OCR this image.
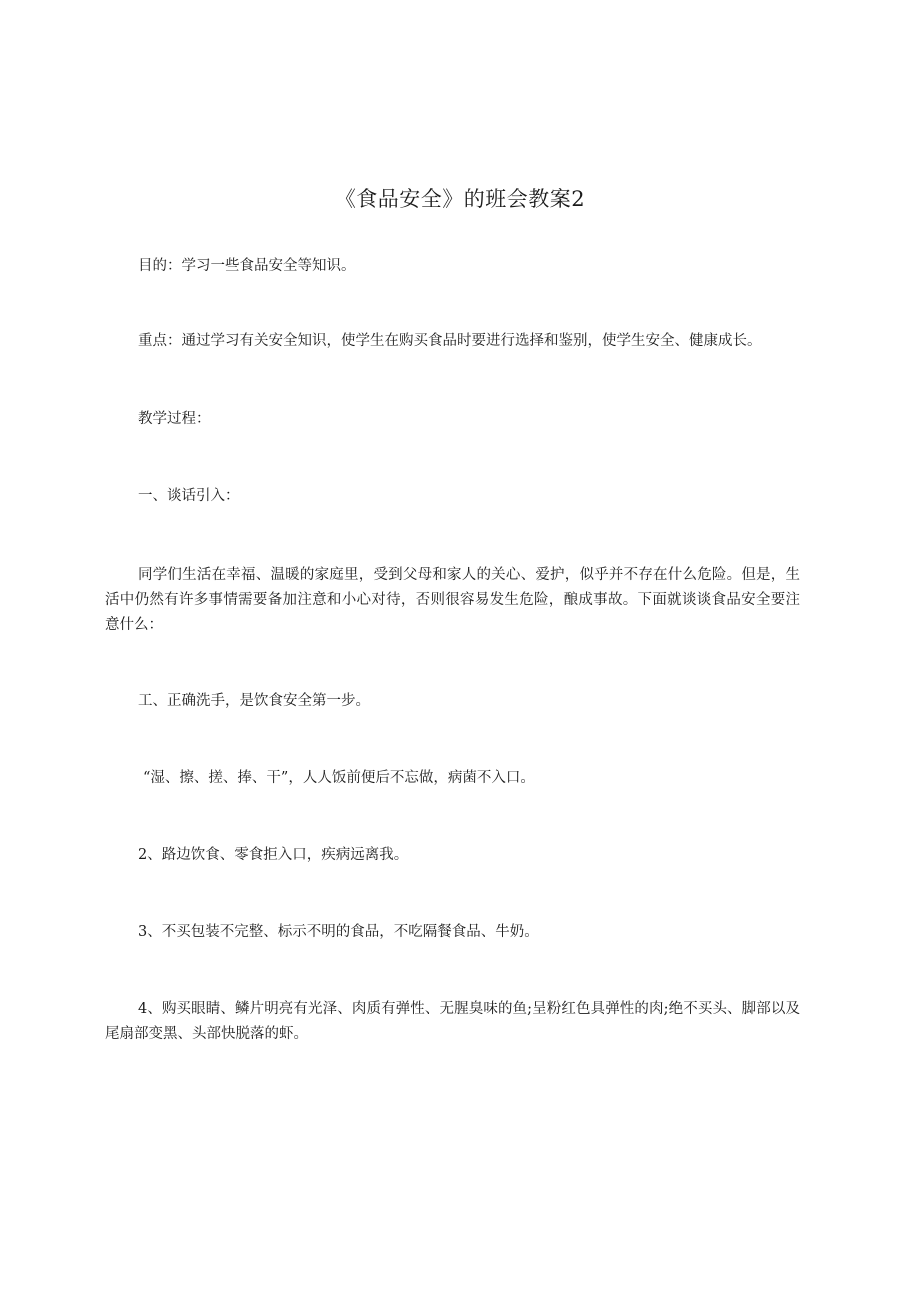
《食品安全》的班会教案2

目的：学习一些食品安全等知识。

重点：通过学习有关安全知识，使学生在购买食品时要进行选择和鉴别，使学生安全、健康成长。

教学过程：

一、谈话引入：

同学们生活在幸福、温暖的家庭里，受到父母和家人的关心、爱护，似乎并不存在什么危险。但是，生活中仍然有许多事情需要备加注意和小心对待，否则很容易发生危险，酿成事故。下面就谈谈食品安全要注意什么：

工、正确洗手，是饮食安全第一步。

“湿、擦、搓、捧、干”，人人饭前便后不忘做，病菌不入口。

2、路边饮食、零食拒入口，疾病远离我。

3、不买包装不完整、标示不明的食品，不吃隔餐食品、牛奶。

4、购买眼睛、鳞片明亮有光泽、肉质有弹性、无腥臭味的鱼;呈粉红色具弹性的肉;绝不买头、脚部以及尾扇部变黑、头部快脱落的虾。
